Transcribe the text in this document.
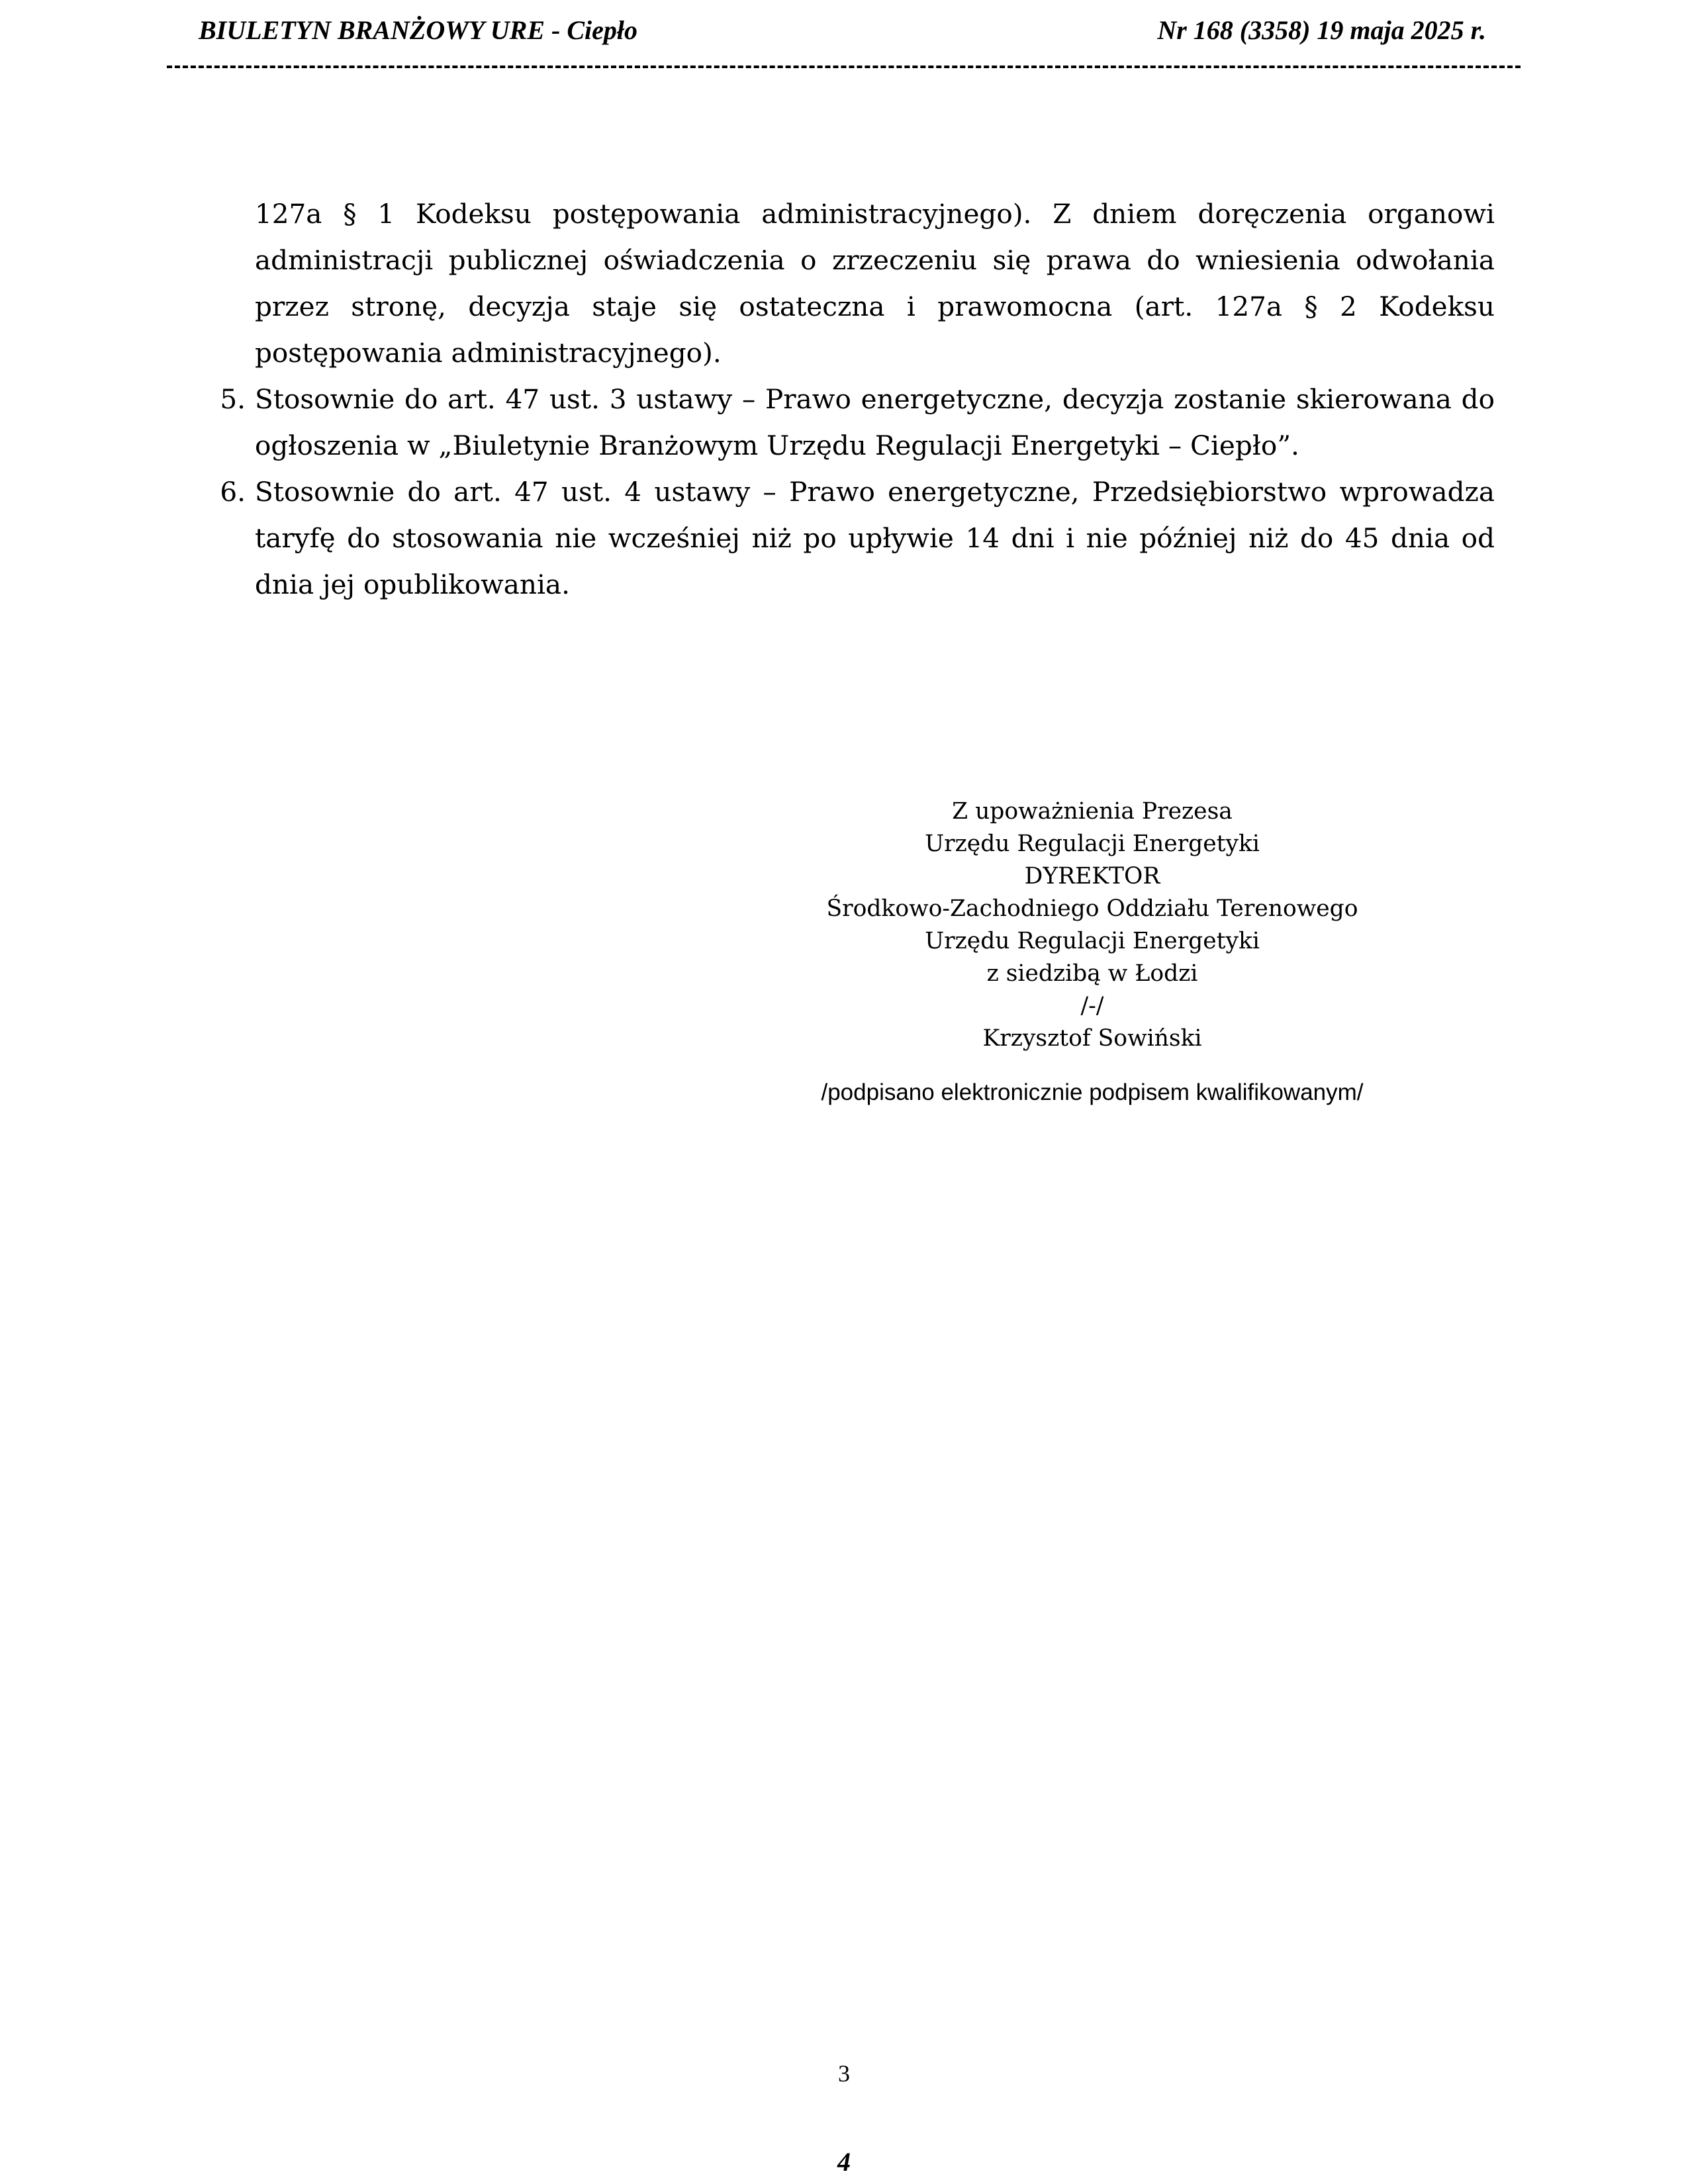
BIULETYN BRANŻOWY URE - Ciepło	Nr 168 (3358) 19 maja 2025 r.

127a § 1 Kodeksu postępowania administracyjnego). Z dniem doręczenia organowi administracji publicznej oświadczenia o zrzeczeniu się prawa do wniesienia odwołania przez stronę, decyzja staje się ostateczna i prawomocna (art. 127a § 2 Kodeksu postępowania administracyjnego).

5. Stosownie do art. 47 ust. 3 ustawy – Prawo energetyczne, decyzja zostanie skierowana do ogłoszenia w „Biuletynie Branżowym Urzędu Regulacji Energetyki – Ciepło”.

6. Stosownie do art. 47 ust. 4 ustawy – Prawo energetyczne, Przedsiębiorstwo wprowadza taryfę do stosowania nie wcześniej niż po upływie 14 dni i nie później niż do 45 dnia od dnia jej opublikowania.

Z upoważnienia Prezesa
Urzędu Regulacji Energetyki
DYREKTOR
Środkowo-Zachodniego Oddziału Terenowego
Urzędu Regulacji Energetyki
z siedzibą w Łodzi
/-/
Krzysztof Sowiński
/podpisano elektronicznie podpisem kwalifikowanym/
3
4
